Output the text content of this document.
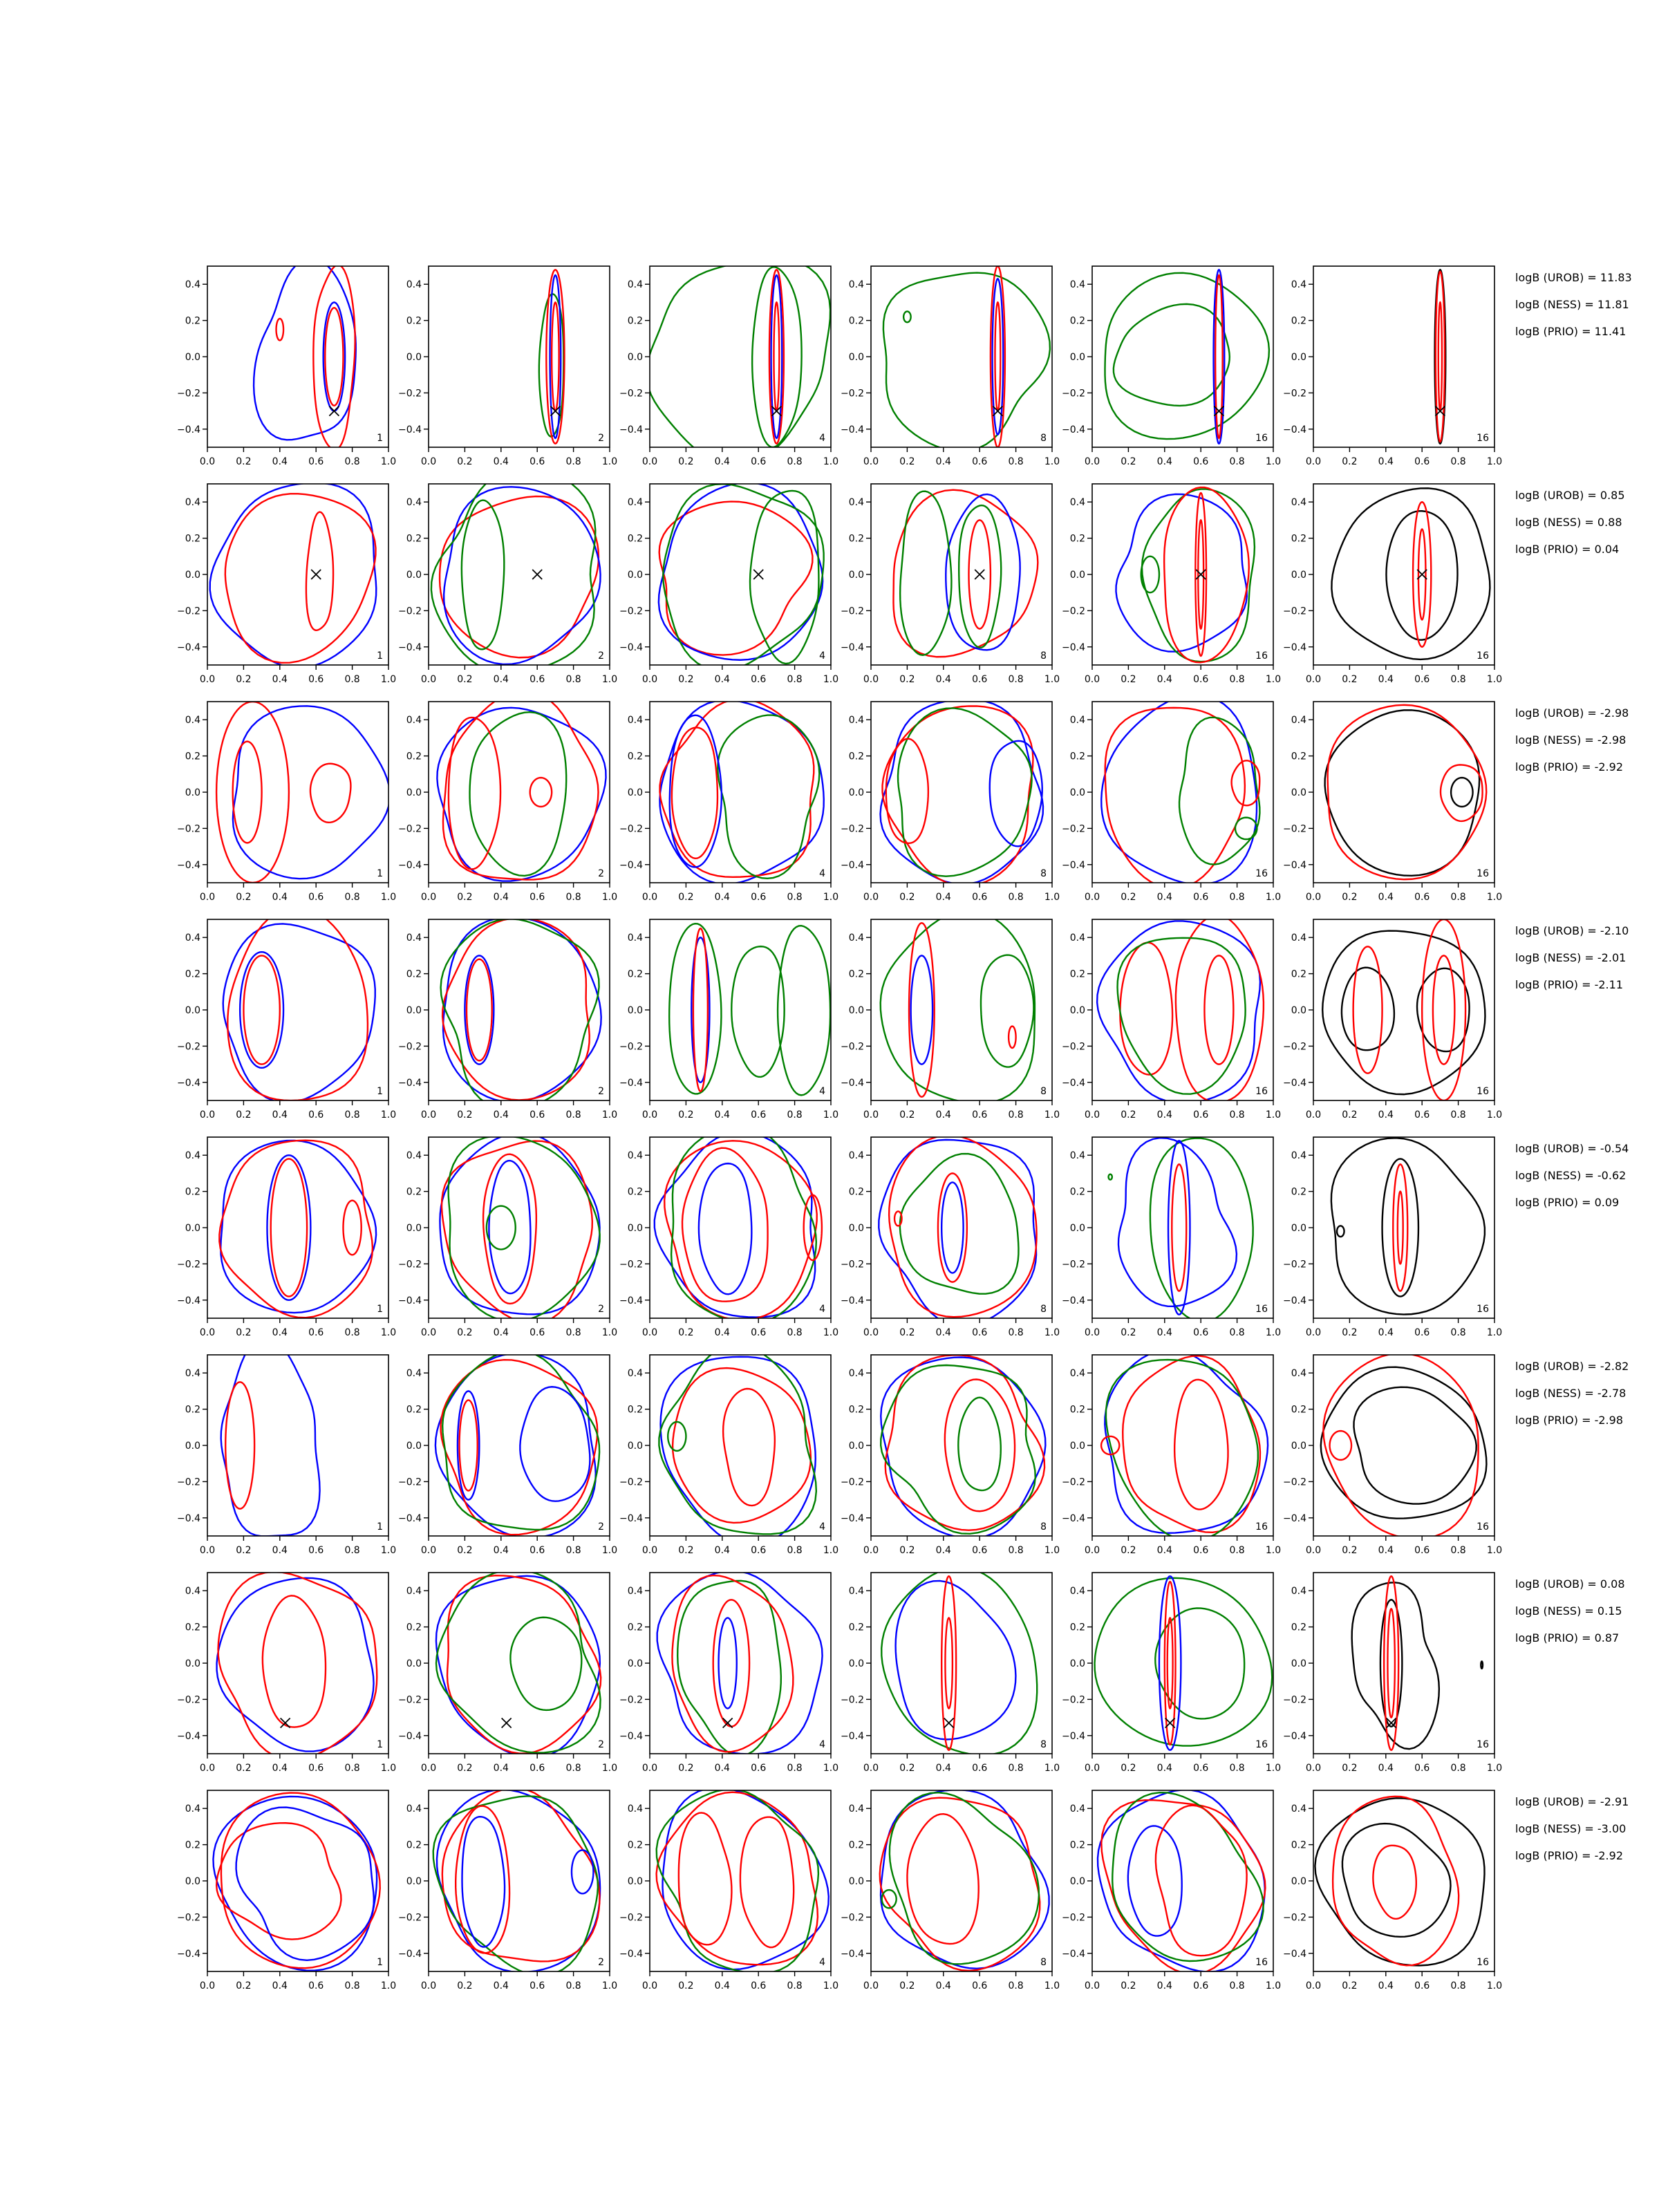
logB (UROB) = 11.83
logB (NESS) = 11.81
logB (PRIO) = 11.41
0.0 0.2 0.4 0.6 0.8 1.0
0.4
0.2
0.0
−0.2
−0.4
1
0.0 0.2 0.4 0.6 0.8 1.0
0.4
0.2
0.0
−0.2
−0.4
2
0.0 0.2 0.4 0.6 0.8 1.0
0.4
0.2
0.0
−0.2
−0.4
4
0.0 0.2 0.4 0.6 0.8 1.0
0.4
0.2
0.0
−0.2
−0.4
8
0.0 0.2 0.4 0.6 0.8 1.0
0.4
0.2
0.0
−0.2
−0.4
16
0.0 0.2 0.4 0.6 0.8 1.0
0.4
0.2
0.0
−0.2
−0.4
16
logB (UROB) = 0.85
logB (NESS) = 0.88
logB (PRIO) = 0.04
0.0 0.2 0.4 0.6 0.8 1.0
0.4
0.2
0.0
−0.2
−0.4
1
0.0 0.2 0.4 0.6 0.8 1.0
0.4
0.2
0.0
−0.2
−0.4
2
0.0 0.2 0.4 0.6 0.8 1.0
0.4
0.2
0.0
−0.2
−0.4
4
0.0 0.2 0.4 0.6 0.8 1.0
0.4
0.2
0.0
−0.2
−0.4
8
0.0 0.2 0.4 0.6 0.8 1.0
0.4
0.2
0.0
−0.2
−0.4
16
0.0 0.2 0.4 0.6 0.8 1.0
0.4
0.2
0.0
−0.2
−0.4
16
logB (UROB) = -2.98
logB (NESS) = -2.98
logB (PRIO) = -2.92
0.0 0.2 0.4 0.6 0.8 1.0
0.4
0.2
0.0
−0.2
−0.4
1
0.0 0.2 0.4 0.6 0.8 1.0
0.4
0.2
0.0
−0.2
−0.4
2
0.0 0.2 0.4 0.6 0.8 1.0
0.4
0.2
0.0
−0.2
−0.4
4
0.0 0.2 0.4 0.6 0.8 1.0
0.4
0.2
0.0
−0.2
−0.4
8
0.0 0.2 0.4 0.6 0.8 1.0
0.4
0.2
0.0
−0.2
−0.4
16
0.0 0.2 0.4 0.6 0.8 1.0
0.4
0.2
0.0
−0.2
−0.4
16
logB (UROB) = -2.10
logB (NESS) = -2.01
logB (PRIO) = -2.11
0.0 0.2 0.4 0.6 0.8 1.0
0.4
0.2
0.0
−0.2
−0.4
1
0.0 0.2 0.4 0.6 0.8 1.0
0.4
0.2
0.0
−0.2
−0.4
2
0.0 0.2 0.4 0.6 0.8 1.0
0.4
0.2
0.0
−0.2
−0.4
4
0.0 0.2 0.4 0.6 0.8 1.0
0.4
0.2
0.0
−0.2
−0.4
8
0.0 0.2 0.4 0.6 0.8 1.0
0.4
0.2
0.0
−0.2
−0.4
16
0.0 0.2 0.4 0.6 0.8 1.0
0.4
0.2
0.0
−0.2
−0.4
16
logB (UROB) = -0.54
logB (NESS) = -0.62
logB (PRIO) = 0.09
0.0 0.2 0.4 0.6 0.8 1.0
0.4
0.2
0.0
−0.2
−0.4
1
0.0 0.2 0.4 0.6 0.8 1.0
0.4
0.2
0.0
−0.2
−0.4
2
0.0 0.2 0.4 0.6 0.8 1.0
0.4
0.2
0.0
−0.2
−0.4
4
0.0 0.2 0.4 0.6 0.8 1.0
0.4
0.2
0.0
−0.2
−0.4
8
0.0 0.2 0.4 0.6 0.8 1.0
0.4
0.2
0.0
−0.2
−0.4
16
0.0 0.2 0.4 0.6 0.8 1.0
0.4
0.2
0.0
−0.2
−0.4
16
logB (UROB) = -2.82
logB (NESS) = -2.78
logB (PRIO) = -2.98
0.0 0.2 0.4 0.6 0.8 1.0
0.4
0.2
0.0
−0.2
−0.4
1
0.0 0.2 0.4 0.6 0.8 1.0
0.4
0.2
0.0
−0.2
−0.4
2
0.0 0.2 0.4 0.6 0.8 1.0
0.4
0.2
0.0
−0.2
−0.4
4
0.0 0.2 0.4 0.6 0.8 1.0
0.4
0.2
0.0
−0.2
−0.4
8
0.0 0.2 0.4 0.6 0.8 1.0
0.4
0.2
0.0
−0.2
−0.4
16
0.0 0.2 0.4 0.6 0.8 1.0
0.4
0.2
0.0
−0.2
−0.4
16
logB (UROB) = 0.08
logB (NESS) = 0.15
logB (PRIO) = 0.87
0.0 0.2 0.4 0.6 0.8 1.0
0.4
0.2
0.0
−0.2
−0.4
1
0.0 0.2 0.4 0.6 0.8 1.0
0.4
0.2
0.0
−0.2
−0.4
2
0.0 0.2 0.4 0.6 0.8 1.0
0.4
0.2
0.0
−0.2
−0.4
4
0.0 0.2 0.4 0.6 0.8 1.0
0.4
0.2
0.0
−0.2
−0.4
8
0.0 0.2 0.4 0.6 0.8 1.0
0.4
0.2
0.0
−0.2
−0.4
16
0.0 0.2 0.4 0.6 0.8 1.0
0.4
0.2
0.0
−0.2
−0.4
16
logB (UROB) = -2.91
logB (NESS) = -3.00
logB (PRIO) = -2.92
0.0 0.2 0.4 0.6 0.8 1.0
0.4
0.2
0.0
−0.2
−0.4
1
0.0 0.2 0.4 0.6 0.8 1.0
0.4
0.2
0.0
−0.2
−0.4
2
0.0 0.2 0.4 0.6 0.8 1.0
0.4
0.2
0.0
−0.2
−0.4
4
0.0 0.2 0.4 0.6 0.8 1.0
0.4
0.2
0.0
−0.2
−0.4
8
0.0 0.2 0.4 0.6 0.8 1.0
0.4
0.2
0.0
−0.2
−0.4
16
0.0 0.2 0.4 0.6 0.8 1.0
0.4
0.2
0.0
−0.2
−0.4
16
